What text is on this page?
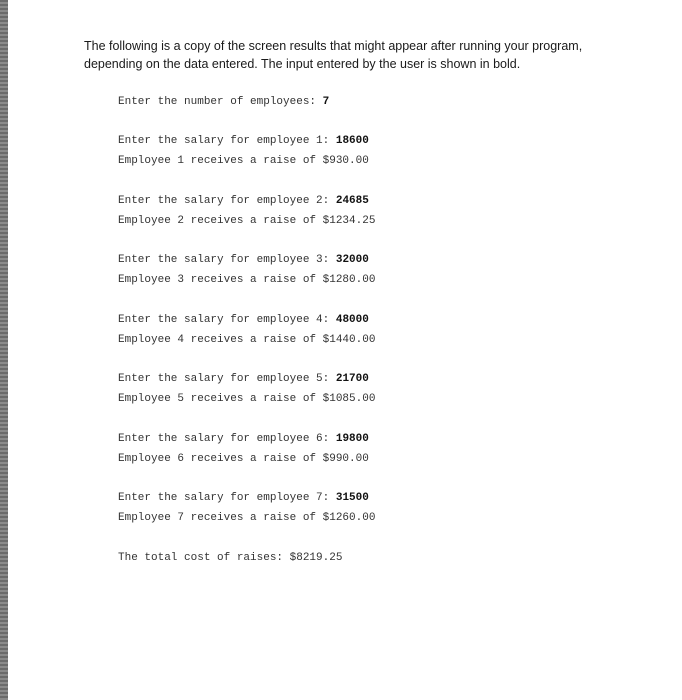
The following is a copy of the screen results that might appear after running your program,

depending on the data entered. The input entered by the user is shown in bold.

Enter the number of employees: 7
Enter the salary for employee 1: 18600
Employee 1 receives a raise of $930.00
Enter the salary for employee 2: 24685
Employee 2 receives a raise of $1234.25
Enter the salary for employee 3: 32000
Employee 3 receives a raise of $1280.00
Enter the salary for employee 4: 48000
Employee 4 receives a raise of $1440.00
Enter the salary for employee 5: 21700
Employee 5 receives a raise of $1085.00
Enter the salary for employee 6: 19800
Employee 6 receives a raise of $990.00
Enter the salary for employee 7: 31500
Employee 7 receives a raise of $1260.00
The total cost of raises: $8219.25
